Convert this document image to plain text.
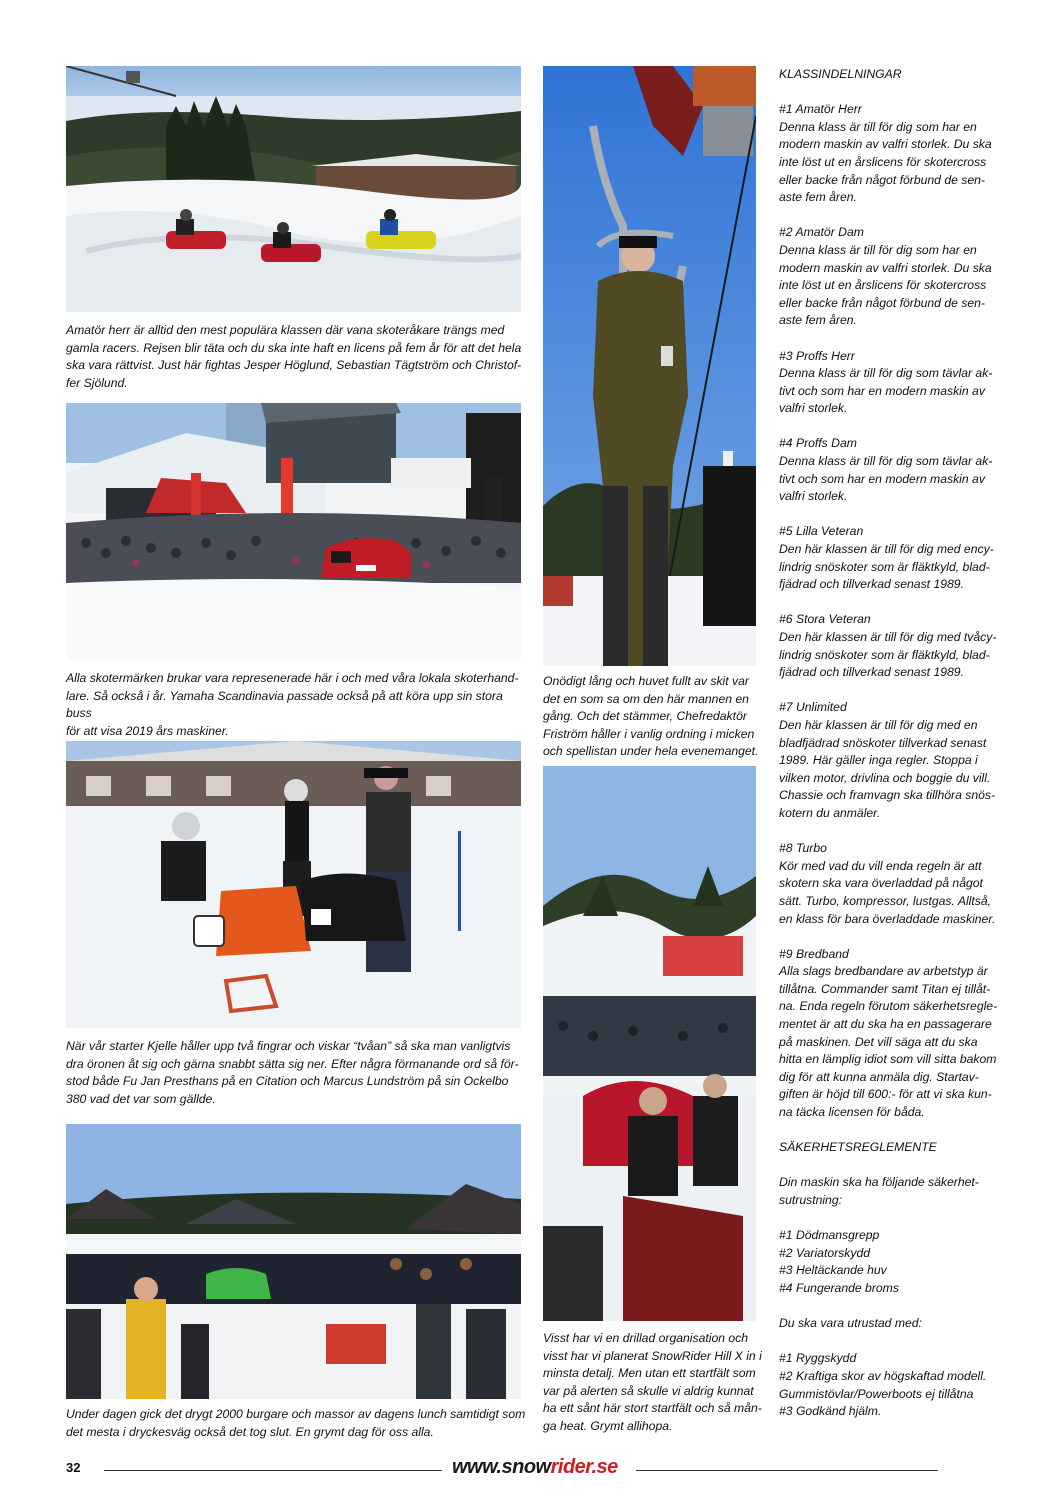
Amatör herr är alltid den mest populära klassen där vana skoteråkare trängs med
gamla racers. Rejsen blir täta och du ska inte haft en licens på fem år för att det hela
ska vara rättvist. Just här fightas Jesper Höglund, Sebastian Tägtström och Christof-
fer Sjölund.
Alla skotermärken brukar vara represenerade här i och med våra lokala skoterhand-
lare. Så också i år. Yamaha Scandinavia passade också på att köra upp sin stora buss
för att visa 2019 års maskiner.
När vår starter Kjelle håller upp två fingrar och viskar “tvåan” så ska man vanligtvis
dra öronen åt sig och gärna snabbt sätta sig ner. Efter några förmanande ord så för-
stod både Fu Jan Presthans på en Citation och Marcus Lundström på sin Ockelbo
380 vad det var som gällde.
Under dagen gick det drygt 2000 burgare och massor av dagens lunch samtidigt som
det mesta i dryckesväg också det tog slut. En grymt dag för oss alla.
Onödigt lång och huvet fullt av skit var
det en som sa om den här mannen en
gång. Och det stämmer, Chefredaktör
Friström håller i vanlig ordning i micken
och spellistan under hela evenemanget.
Visst har vi en drillad organisation och
visst har vi planerat SnowRider Hill X in i
minsta detalj. Men utan ett startfält som
var på alerten så skulle vi aldrig kunnat
ha ett sånt här stort startfält och så mån-
ga heat. Grymt allihopa.
KLASSINDELNINGAR
#1 Amatör Herr
Denna klass är till för dig som har en
modern maskin av valfri storlek. Du ska
inte löst ut en årslicens för skotercross
eller backe från något förbund de sen-
aste fem åren.
#2 Amatör Dam
Denna klass är till för dig som har en
modern maskin av valfri storlek. Du ska
inte löst ut en årslicens för skotercross
eller backe från något förbund de sen-
aste fem åren.
#3 Proffs Herr
Denna klass är till för dig som tävlar ak-
tivt och som har en modern maskin av
valfri storlek.
#4 Proffs Dam
Denna klass är till för dig som tävlar ak-
tivt och som har en modern maskin av
valfri storlek.
#5 Lilla Veteran
Den här klassen är till för dig med ency-
lindrig snöskoter som är fläktkyld, blad-
fjädrad och tillverkad senast 1989.
#6 Stora Veteran
Den här klassen är till för dig med tvåcy-
lindrig snöskoter som är fläktkyld, blad-
fjädrad och tillverkad senast 1989.
#7 Unlimited
Den här klassen är till för dig med en
bladfjädrad snöskoter tillverkad senast
1989. Här gäller inga regler. Stoppa i
vilken motor, drivlina och boggie du vill.
Chassie och framvagn ska tillhöra snös-
kotern du anmäler.
#8 Turbo
Kör med vad du vill enda regeln är att
skotern ska vara överladdad på något
sätt. Turbo, kompressor, lustgas. Alltså,
en klass för bara överladdade maskiner.
#9 Bredband
Alla slags bredbandare av arbetstyp är
tillåtna. Commander samt Titan ej tillåt-
na. Enda regeln förutom säkerhetsregle-
mentet är att du ska ha en passagerare
på maskinen. Det vill säga att du ska
hitta en lämplig idiot som vill sitta bakom
dig för att kunna anmäla dig. Startav-
giften är höjd till 600:- för att vi ska kun-
na täcka licensen för båda.
SÄKERHETSREGLEMENTE
Din maskin ska ha följande säkerhet-
sutrustning:
#1 Dödmansgrepp
#2 Variatorskydd
#3 Heltäckande huv
#4 Fungerande broms
Du ska vara utrustad med:
#1 Ryggskydd
#2 Kraftiga skor av högskaftad modell.
Gummistövlar/Powerboots ej tillåtna
#3 Godkänd hjälm.
32	www.snowrider.se
